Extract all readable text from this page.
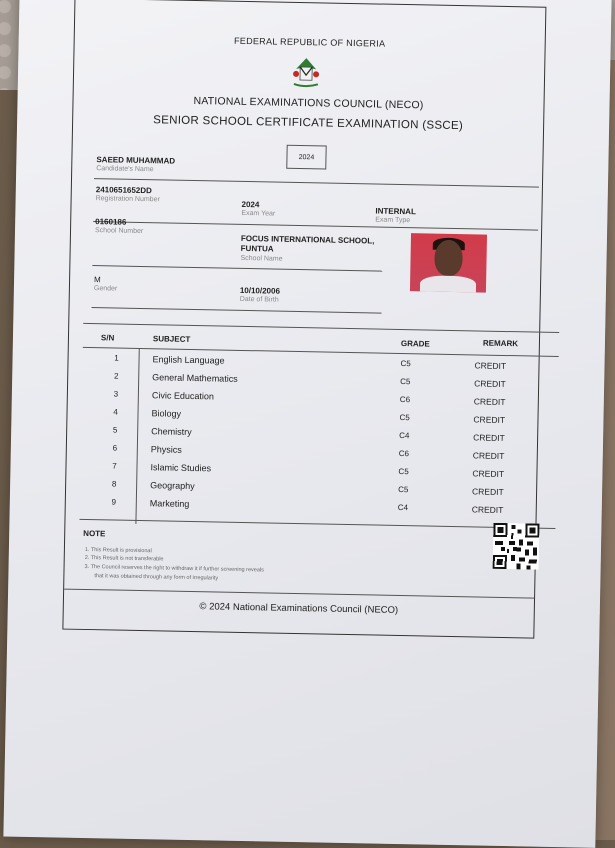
FEDERAL REPUBLIC OF NIGERIA
NATIONAL EXAMINATIONS COUNCIL (NECO)
SENIOR SCHOOL CERTIFICATE EXAMINATION (SSCE)
2024
SAEED MUHAMMAD
Candidate's Name
2410651652DD
Registration Number
2024
Exam Year	INTERNAL
Exam Type
0160186
School Number
FOCUS INTERNATIONAL SCHOOL,
FUNTUA
School Name
M
Gender	10/10/2006
Date of Birth
S/N	SUBJECT	GRADE	REMARK
1	English Language	C5	CREDIT
2	General Mathematics	C5	CREDIT
3	Civic Education	C6	CREDIT
4	Biology	C5	CREDIT
5	Chemistry	C4	CREDIT
6	Physics	C6	CREDIT
7	Islamic Studies	C5	CREDIT
8	Geography	C5	CREDIT
9	Marketing	C4	CREDIT
NOTE
1. This Result is provisional
2. This Result is not transferable
3. The Council reserves the right to withdraw it if further screening reveals
that it was obtained through any form of irregularity
© 2024 National Examinations Council (NECO)
